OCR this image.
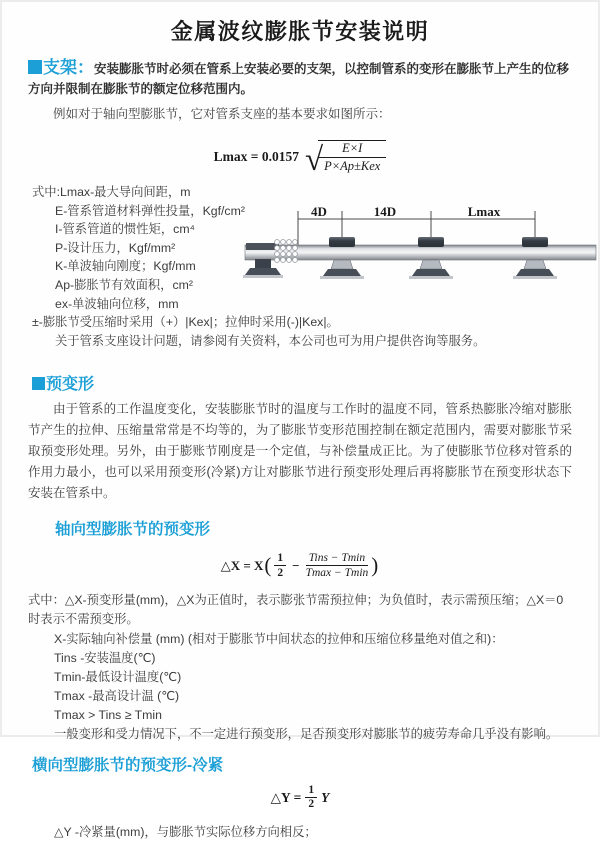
金属波纹膨胀节安装说明

支架：安装膨胀节时必须在管系上安装必要的支架，以控制管系的变形在膨胀节上产生的位移方向并限制在膨胀节的额定位移范围内。

例如对于轴向型膨胀节，它对管系支座的基本要求如图所示：

Lmax = 0.0157 √	E×I
P×Ap±Kex
式中:Lmax-最大导向间距，m
E-管系管道材料弹性投量，Kgf/cm²
I-管系管道的惯性矩，cm⁴
P-设计压力，Kgf/mm²
K-单波轴向刚度；Kgf/mm
Ap-膨胀节有效面积，cm²
ex-单波轴向位移，mm
±-膨胀节受压缩时采用（+）|Kex|；拉伸时采用(-)|Kex|。
关于管系支座设计问题，请参阅有关资料，本公司也可为用户提供咨询等服务。
4D	14D	Lmax
预变形

由于管系的工作温度变化，安装膨胀节时的温度与工作时的温度不同，管系热膨胀冷缩对膨胀节产生的拉伸、压缩量常常是不均等的，为了膨胀节变形范围控制在额定范围内，需要对膨胀节采取预变形处理。另外，由于膨账节刚度是一个定值，与补偿量成正比。为了使膨胀节位移对管系的作用力最小，也可以采用预变形(冷紧)方让对膨胀节进行预变形处理后再将膨胀节在预变形状态下安装在管系中。

轴向型膨胀节的预变形
△X = X ( 1
2 − Tins − Tmin
Tmax − Tmin )

式中：△X-预变形量(mm)，△X为正值时，表示膨张节需预拉伸；为负值时，表示需预压缩；△X＝0时表示不需预变形。

X-实际轴向补偿量 (mm) (相对于膨胀节中间状态的拉伸和压缩位移量绝对值之和)：

Tins -安装温度(℃)

Tmin-最低设计温度(℃)

Tmax -最高设计温 (℃)

Tmax > Tins ≥ Tmin

一般变形和受力情况下，不一定进行预变形，足否预变形对膨胀节的疲劳寿命几乎没有影响。

横向型膨胀节的预变形-冷紧
△Y = $\frac{1}{2}$ Y

△Y -冷紧量(mm)，与膨胀节实际位移方向相反；
